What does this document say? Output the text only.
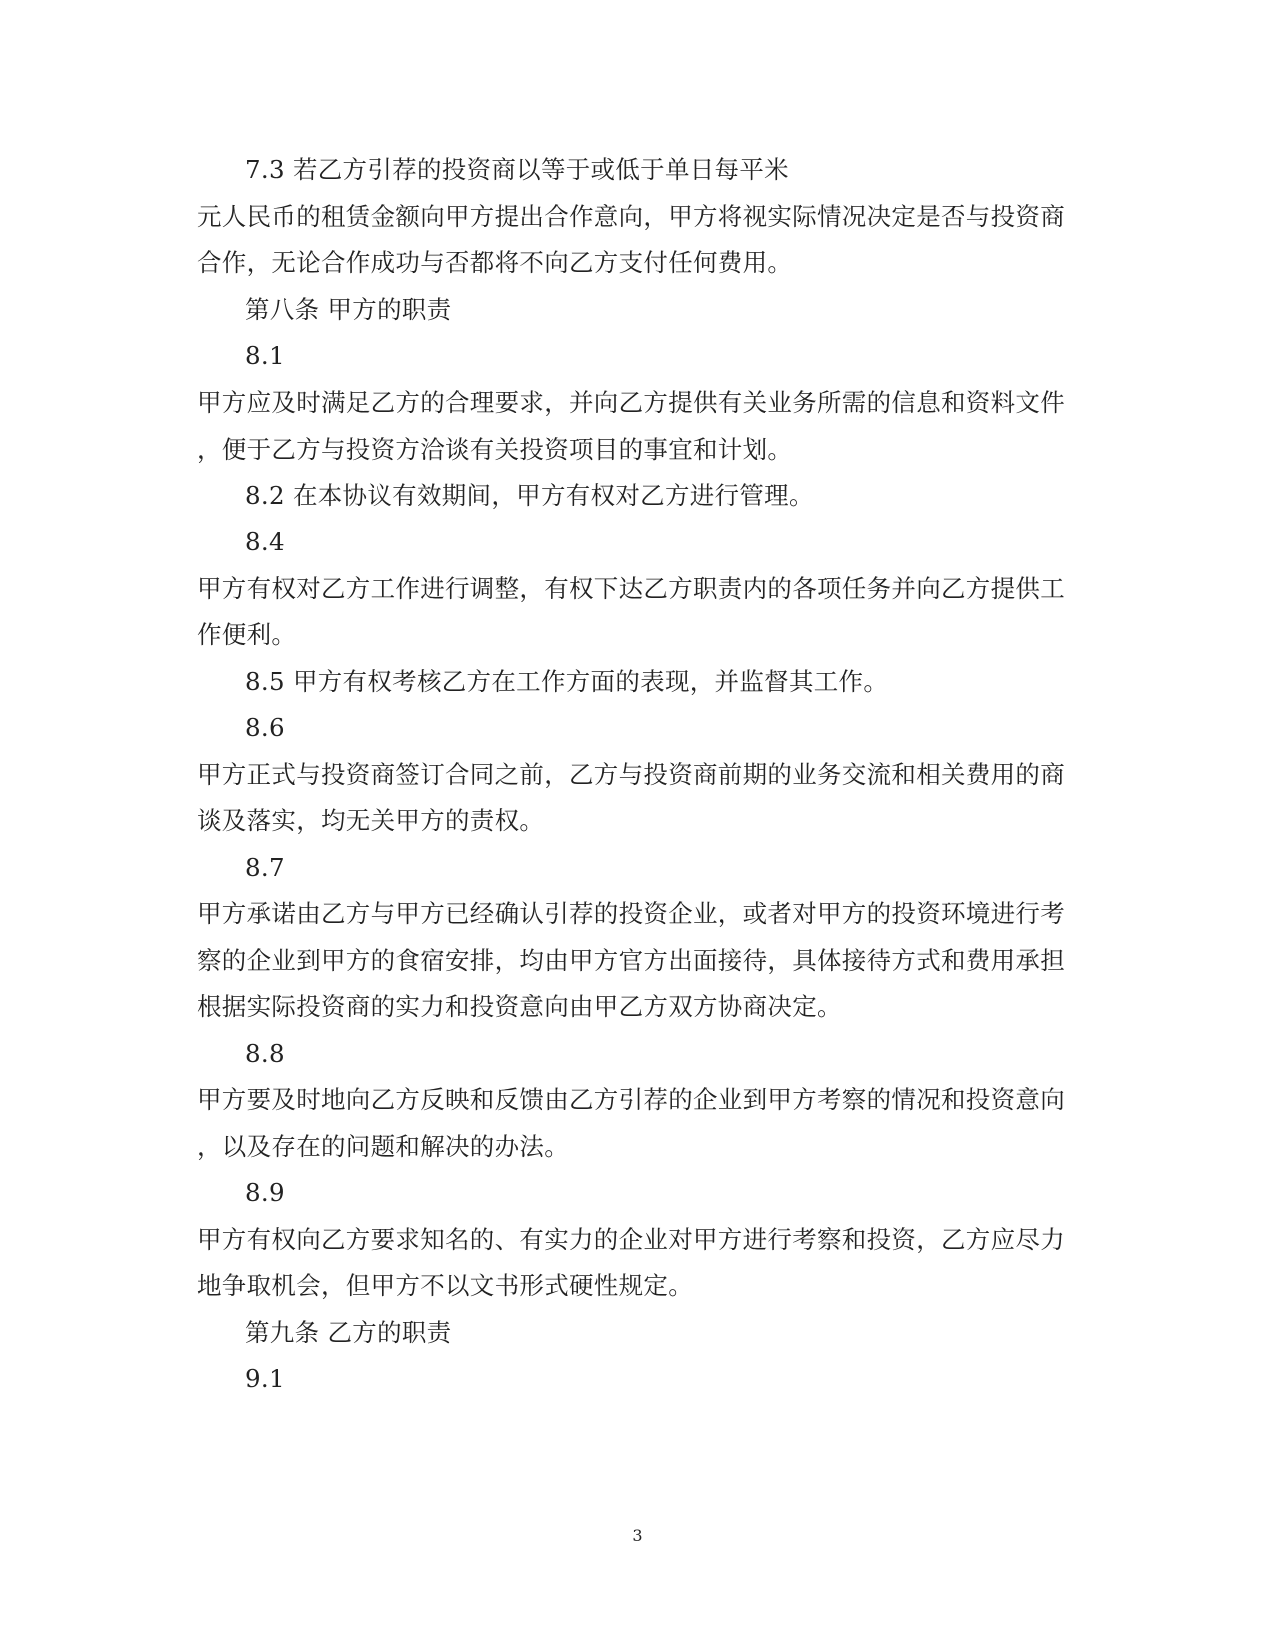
7.3 若乙方引荐的投资商以等于或低于单日每平米
元人民币的租赁金额向甲方提出合作意向，甲方将视实际情况决定是否与投资商
合作，无论合作成功与否都将不向乙方支付任何费用。
第八条 甲方的职责
8.1
甲方应及时满足乙方的合理要求，并向乙方提供有关业务所需的信息和资料文件
，便于乙方与投资方洽谈有关投资项目的事宜和计划。
8.2 在本协议有效期间，甲方有权对乙方进行管理。
8.4
甲方有权对乙方工作进行调整，有权下达乙方职责内的各项任务并向乙方提供工
作便利。
8.5 甲方有权考核乙方在工作方面的表现，并监督其工作。
8.6
甲方正式与投资商签订合同之前，乙方与投资商前期的业务交流和相关费用的商
谈及落实，均无关甲方的责权。
8.7
甲方承诺由乙方与甲方已经确认引荐的投资企业，或者对甲方的投资环境进行考
察的企业到甲方的食宿安排，均由甲方官方出面接待，具体接待方式和费用承担
根据实际投资商的实力和投资意向由甲乙方双方协商决定。
8.8
甲方要及时地向乙方反映和反馈由乙方引荐的企业到甲方考察的情况和投资意向
，以及存在的问题和解决的办法。
8.9
甲方有权向乙方要求知名的、有实力的企业对甲方进行考察和投资，乙方应尽力
地争取机会，但甲方不以文书形式硬性规定。
第九条 乙方的职责
9.1
3
